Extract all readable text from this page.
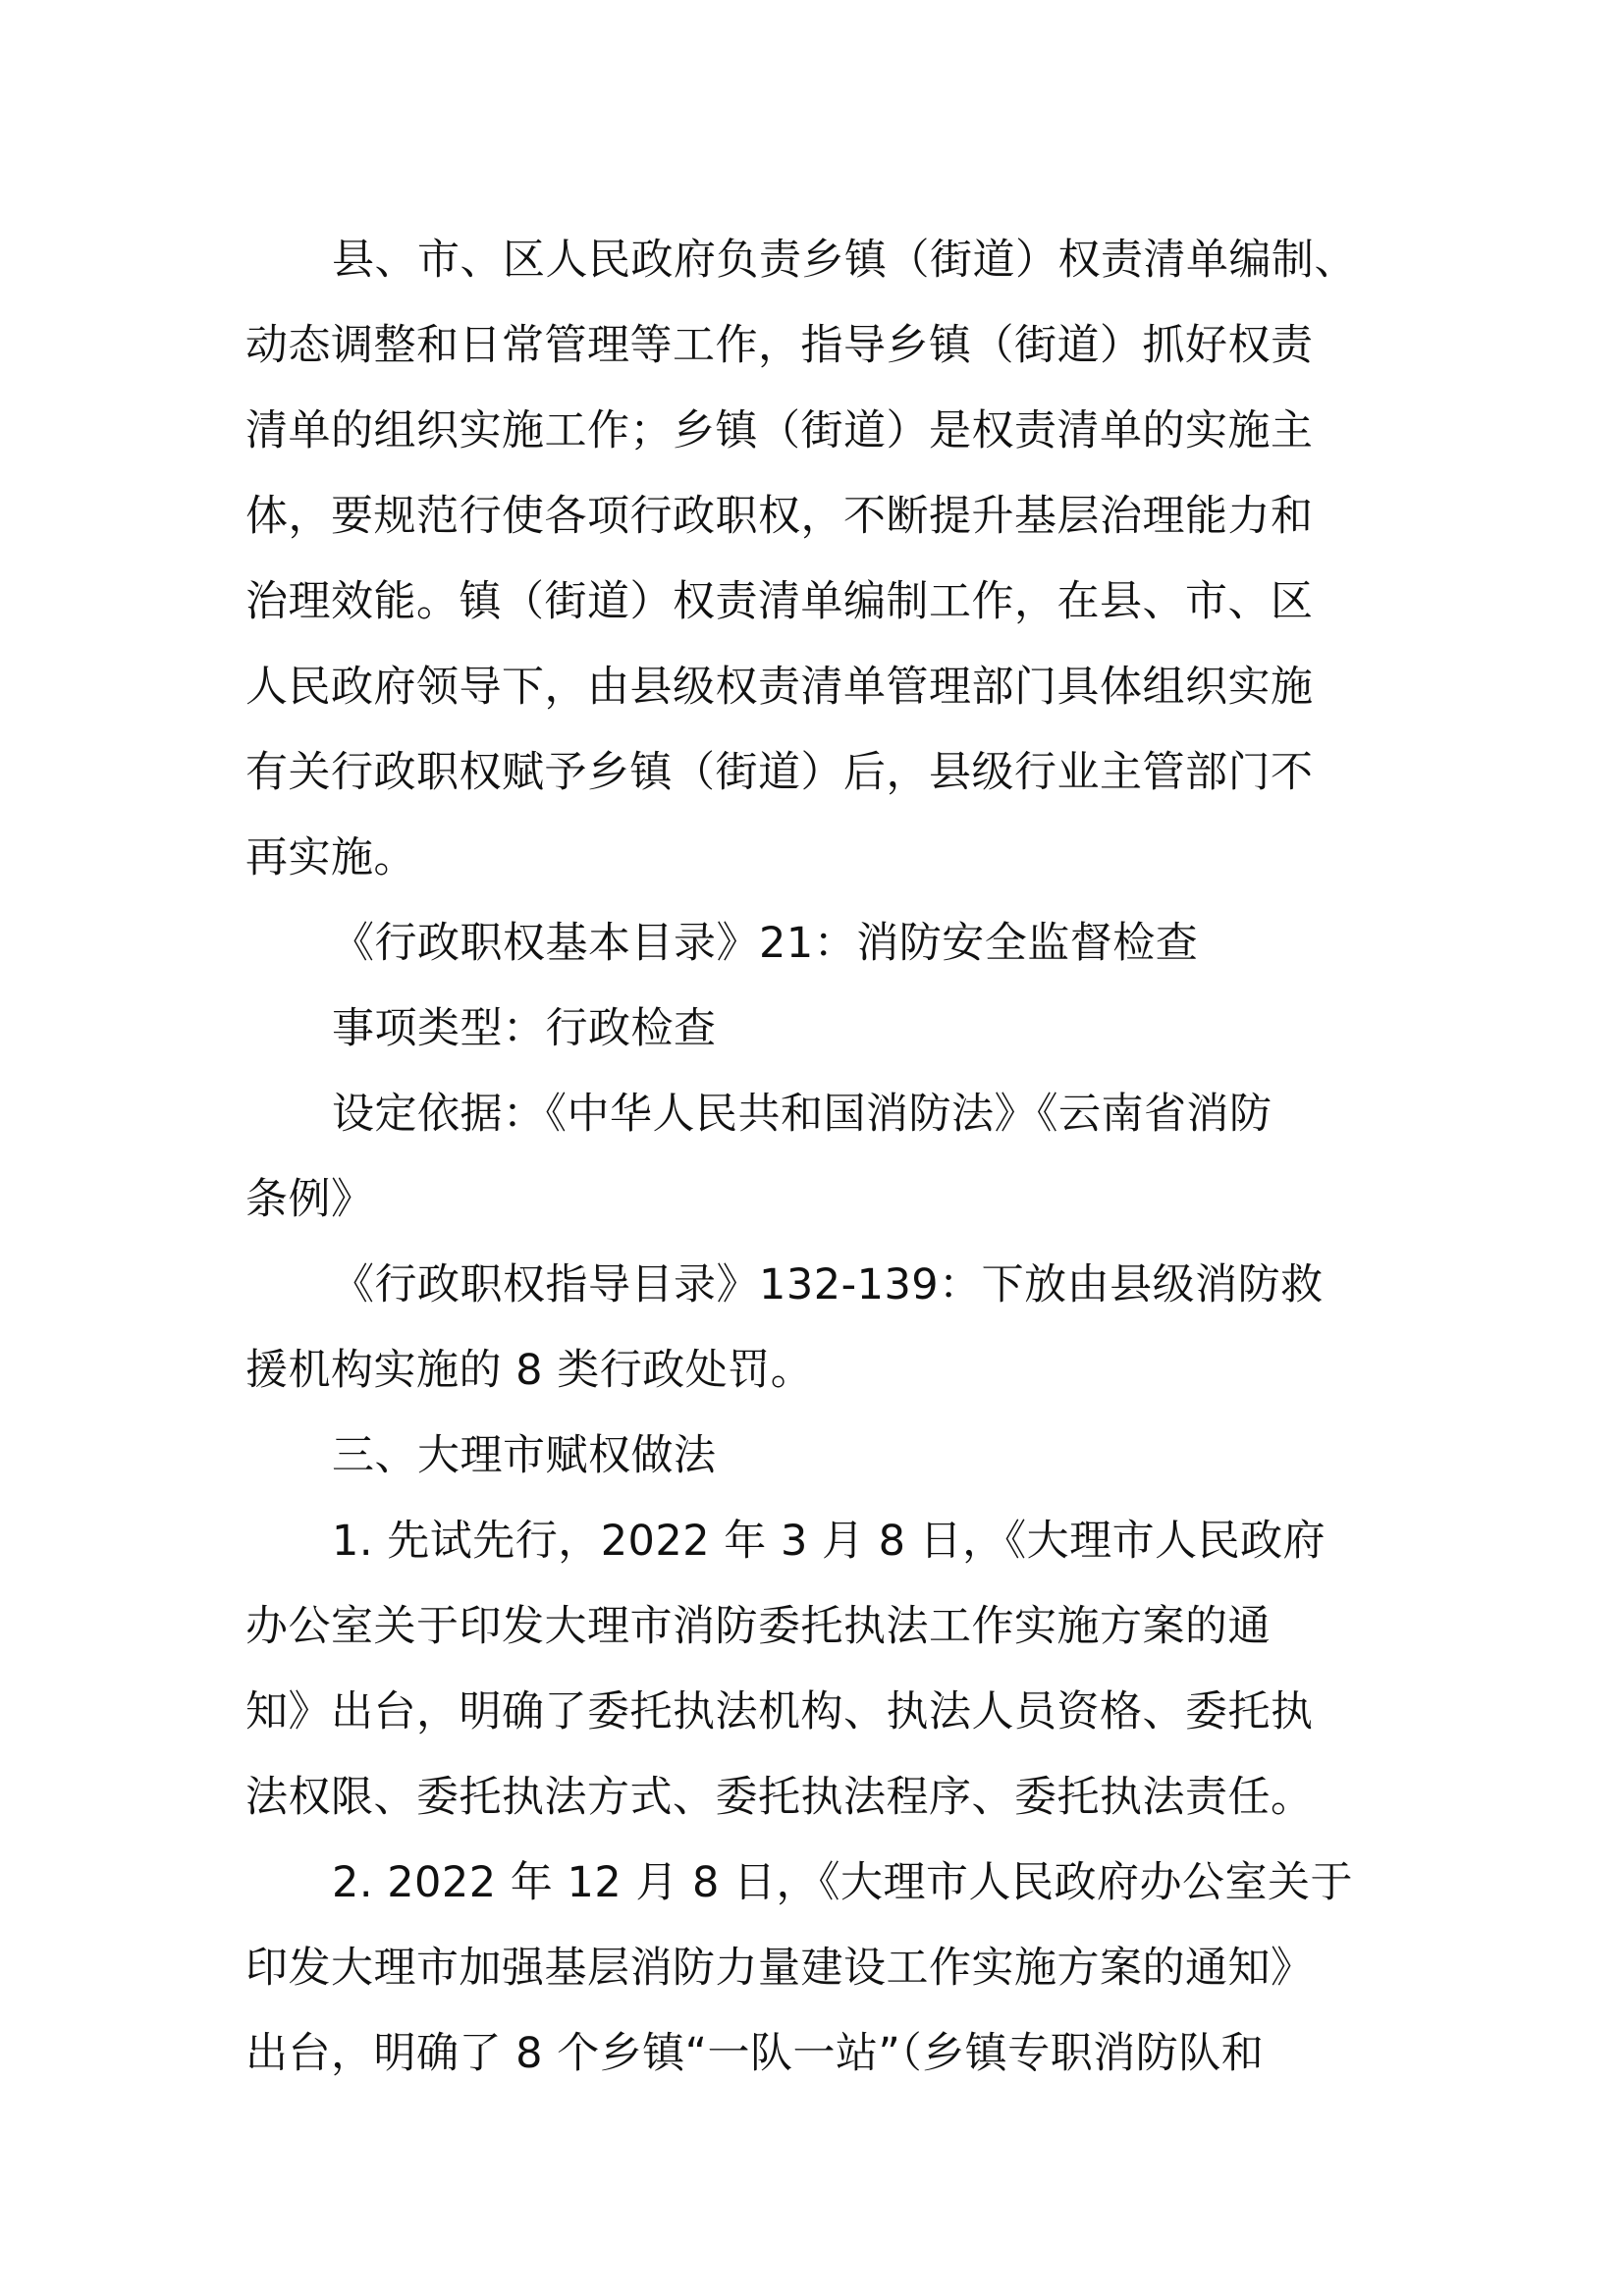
县、市、区人民政府负责乡镇（街道）权责清单编制、
动态调整和日常管理等工作，指导乡镇（街道）抓好权责
清单的组织实施工作；乡镇（街道）是权责清单的实施主
体，要规范行使各项行政职权，不断提升基层治理能力和
治理效能。镇（街道）权责清单编制工作，在县、市、区
人民政府领导下，由县级权责清单管理部门具体组织实施
有关行政职权赋予乡镇（街道）后，县级行业主管部门不
再实施。
《行政职权基本目录》21：消防安全监督检查
事项类型：行政检查
设定依据：《中华人民共和国消防法》《云南省消防
条例》
《行政职权指导目录》132-139：下放由县级消防救
援机构实施的 8 类行政处罚。
三、大理市赋权做法
1. 先试先行，2022 年 3 月 8 日，《大理市人民政府
办公室关于印发大理市消防委托执法工作实施方案的通
知》出台，明确了委托执法机构、执法人员资格、委托执
法权限、委托执法方式、委托执法程序、委托执法责任。
2. 2022 年 12 月 8 日，《大理市人民政府办公室关于
印发大理市加强基层消防力量建设工作实施方案的通知》
出台，明确了 8 个乡镇“一队一站”（乡镇专职消防队和
